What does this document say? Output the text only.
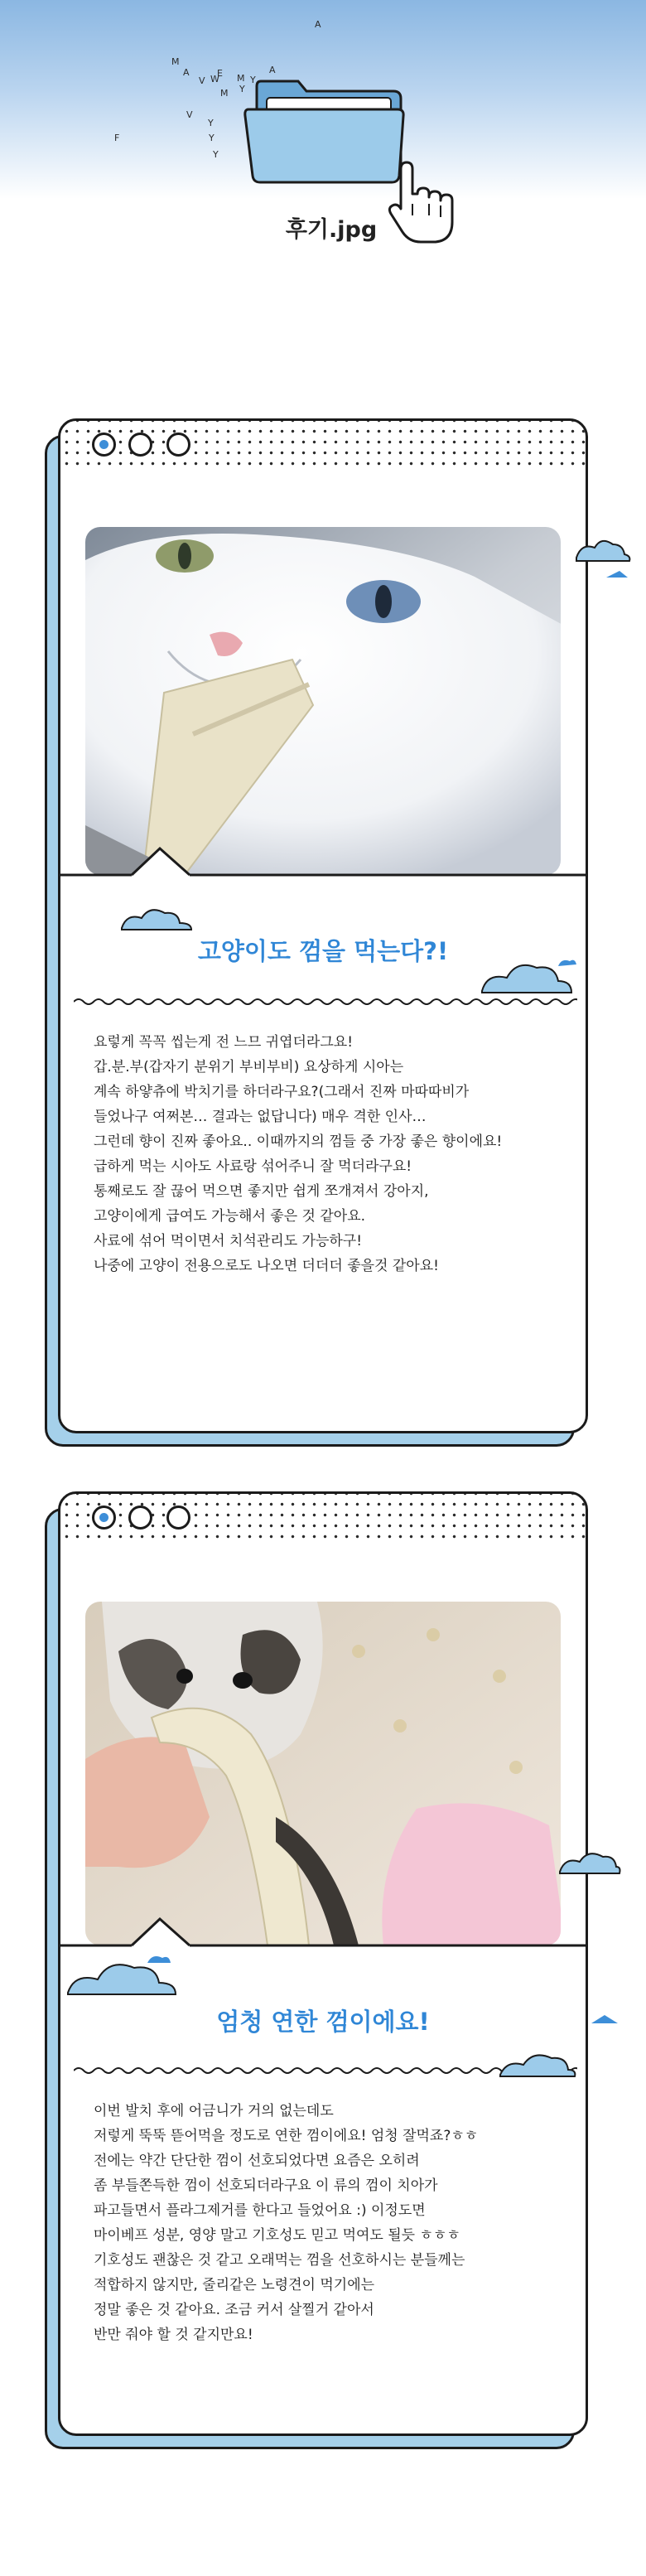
M
A
A
E
V W M
Y
M
Y
V
F
Y
Y
A
Y
후기.jpg
고양이도 껌을 먹는다?!

요렇게 꼭꼭 씹는게 전 느므 귀엽더라그요!

갑.분.부(갑자기 분위기 부비부비) 요상하게 시아는

계속 하얗츄에 박치기를 하더라구요?(그래서 진짜 마따따비가

들었나구 여쩌본… 결과는 없답니다) 매우 격한 인사…

그런데 향이 진짜 좋아요.. 이때까지의 껌들 중 가장 좋은 향이에요!

급하게 먹는 시아도 사료랑 섞어주니 잘 먹더라구요!

통째로도 잘 끊어 먹으면 좋지만 쉽게 쪼개져서 강아지,

고양이에게 급여도 가능해서 좋은 것 같아요.

사료에 섞어 먹이면서 치석관리도 가능하구!

나중에 고양이 전용으로도 나오면 더더더 좋을것 같아요!

엄청 연한 껌이에요!

이번 발치 후에 어금니가 거의 없는데도

저렇게 뚝뚝 뜯어먹을 정도로 연한 껌이에요! 엄청 잘먹죠?ㅎㅎ

전에는 약간 단단한 껌이 선호되었다면 요즘은 오히려

좀 부들쫀득한 껌이 선호되더라구요 이 류의 껌이 치아가

파고들면서 플라그제거를 한다고 들었어요 :) 이정도면

마이베프 성분, 영양 말고 기호성도 믿고 먹여도 될듯 ㅎㅎㅎ

기호성도 괜찮은 것 같고 오래먹는 껌을 선호하시는 분들께는

적합하지 않지만, 줄리같은 노령견이 먹기에는

정말 좋은 것 같아요. 조금 커서 살찔거 같아서

반만 줘야 할 것 같지만요!
